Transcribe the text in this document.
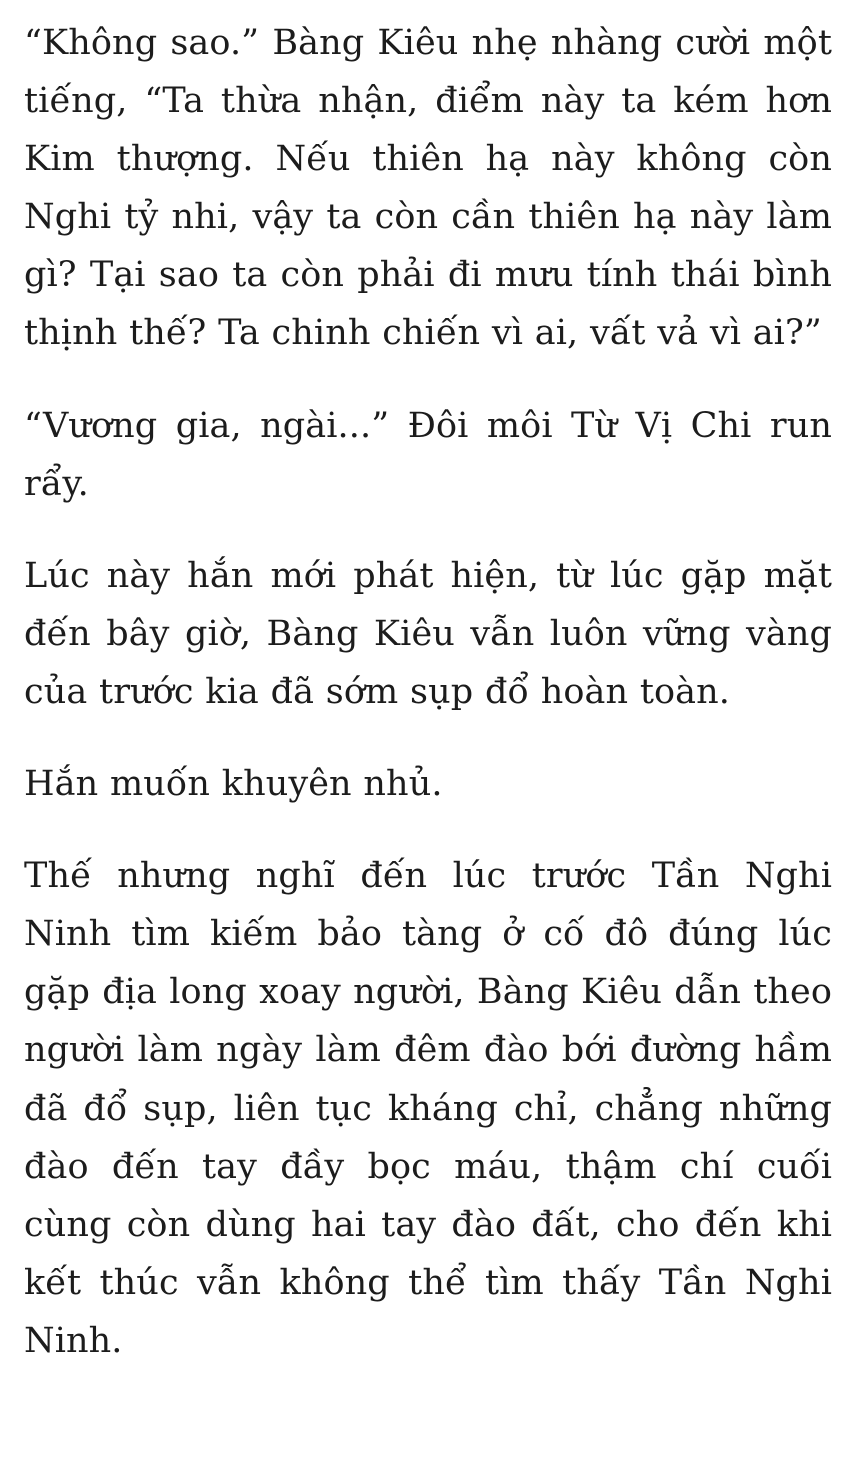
“Không sao.” Bàng Kiêu nhẹ nhàng cười một tiếng, “Ta thừa nhận, điểm này ta kém hơn Kim thượng. Nếu thiên hạ này không còn Nghi tỷ nhi, vậy ta còn cần thiên hạ này làm gì? Tại sao ta còn phải đi mưu tính thái bình thịnh thế? Ta chinh chiến vì ai, vất vả vì ai?”

“Vương gia, ngài...” Đôi môi Từ Vị Chi run rẩy.

Lúc này hắn mới phát hiện, từ lúc gặp mặt đến bây giờ, Bàng Kiêu vẫn luôn vững vàng của trước kia đã sớm sụp đổ hoàn toàn.

Hắn muốn khuyên nhủ.

Thế nhưng nghĩ đến lúc trước Tần Nghi Ninh tìm kiếm bảo tàng ở cố đô đúng lúc gặp địa long xoay người, Bàng Kiêu dẫn theo người làm ngày làm đêm đào bới đường hầm đã đổ sụp, liên tục kháng chỉ, chẳng những đào đến tay đầy bọc máu, thậm chí cuối cùng còn dùng hai tay đào đất, cho đến khi kết thúc vẫn không thể tìm thấy Tần Nghi Ninh.
